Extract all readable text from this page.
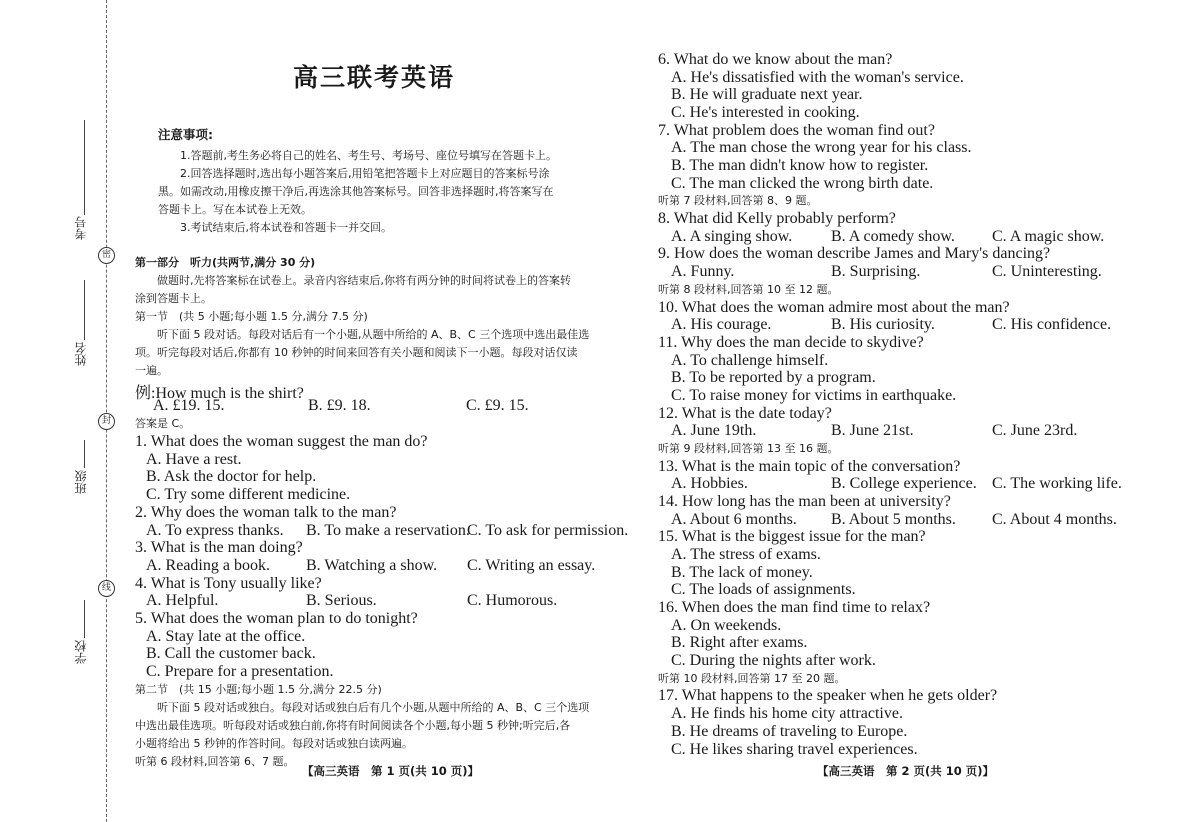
密
封
线
考号
姓名
班级
学校
高三联考英语
注意事项:
1.答题前,考生务必将自己的姓名、考生号、考场号、座位号填写在答题卡上。
2.回答选择题时,选出每小题答案后,用铅笔把答题卡上对应题目的答案标号涂
黑。如需改动,用橡皮擦干净后,再选涂其他答案标号。回答非选择题时,将答案写在
答题卡上。写在本试卷上无效。
3.考试结束后,将本试卷和答题卡一并交回。
第一部分　听力(共两节,满分 30 分)
做题时,先将答案标在试卷上。录音内容结束后,你将有两分钟的时间将试卷上的答案转
涂到答题卡上。
第一节　(共 5 小题;每小题 1.5 分,满分 7.5 分)
听下面 5 段对话。每段对话后有一个小题,从题中所给的 A、B、C 三个选项中选出最佳选
项。听完每段对话后,你都有 10 秒钟的时间来回答有关小题和阅读下一小题。每段对话仅读
一遍。
例:How much is the shirt?
A. £19. 15.	B. £9. 18.	C. £9. 15.
答案是 C。
1. What does the woman suggest the man do?
A. Have a rest.
B. Ask the doctor for help.
C. Try some different medicine.
2. Why does the woman talk to the man?
A. To express thanks. B. To make a reservation.
C. To ask for permission.
3. What is the man doing?
A. Reading a book. B. Watching a show. C. Writing an essay.
4. What is Tony usually like?
A. Helpful.	B. Serious.	C. Humorous.
5. What does the woman plan to do tonight?
A. Stay late at the office.
B. Call the customer back.
C. Prepare for a presentation.
第二节　(共 15 小题;每小题 1.5 分,满分 22.5 分)
听下面 5 段对话或独白。每段对话或独白后有几个小题,从题中所给的 A、B、C 三个选项
中选出最佳选项。听每段对话或独白前,你将有时间阅读各个小题,每小题 5 秒钟;听完后,各
小题将给出 5 秒钟的作答时间。每段对话或独白读两遍。
听第 6 段材料,回答第 6、7 题。
【高三英语　第 1 页(共 10 页)】
6. What do we know about the man?
A. He's dissatisfied with the woman's service.
B. He will graduate next year.
C. He's interested in cooking.
7. What problem does the woman find out?
A. The man chose the wrong year for his class.
B. The man didn't know how to register.
C. The man clicked the wrong birth date.
听第 7 段材料,回答第 8、9 题。
8. What did Kelly probably perform?
A. A singing show. B. A comedy show. C. A magic show.
9. How does the woman describe James and Mary's dancing?
A. Funny.	B. Surprising.	C. Uninteresting.
听第 8 段材料,回答第 10 至 12 题。
10. What does the woman admire most about the man?
A. His courage.	B. His curiosity.	C. His confidence.
11. Why does the man decide to skydive?
A. To challenge himself.
B. To be reported by a program.
C. To raise money for victims in earthquake.
12. What is the date today?
A. June 19th.	B. June 21st.	C. June 23rd.
听第 9 段材料,回答第 13 至 16 题。
13. What is the main topic of the conversation?
A. Hobbies.	B. College experience. C. The working life.
14. How long has the man been at university?
A. About 6 months. B. About 5 months. C. About 4 months.
15. What is the biggest issue for the man?
A. The stress of exams.
B. The lack of money.
C. The loads of assignments.
16. When does the man find time to relax?
A. On weekends.
B. Right after exams.
C. During the nights after work.
听第 10 段材料,回答第 17 至 20 题。
17. What happens to the speaker when he gets older?
A. He finds his home city attractive.
B. He dreams of traveling to Europe.
C. He likes sharing travel experiences.
【高三英语　第 2 页(共 10 页)】
